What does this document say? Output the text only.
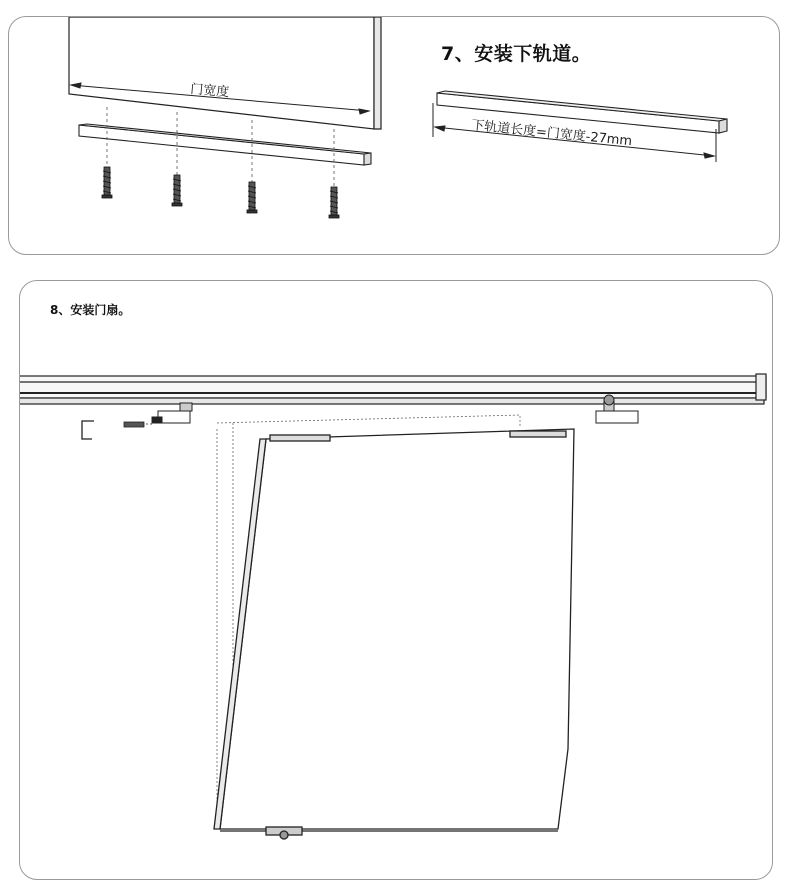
门宽度
下轨道长度=门宽度-27mm
7、安装下轨道。
8、安装门扇。
